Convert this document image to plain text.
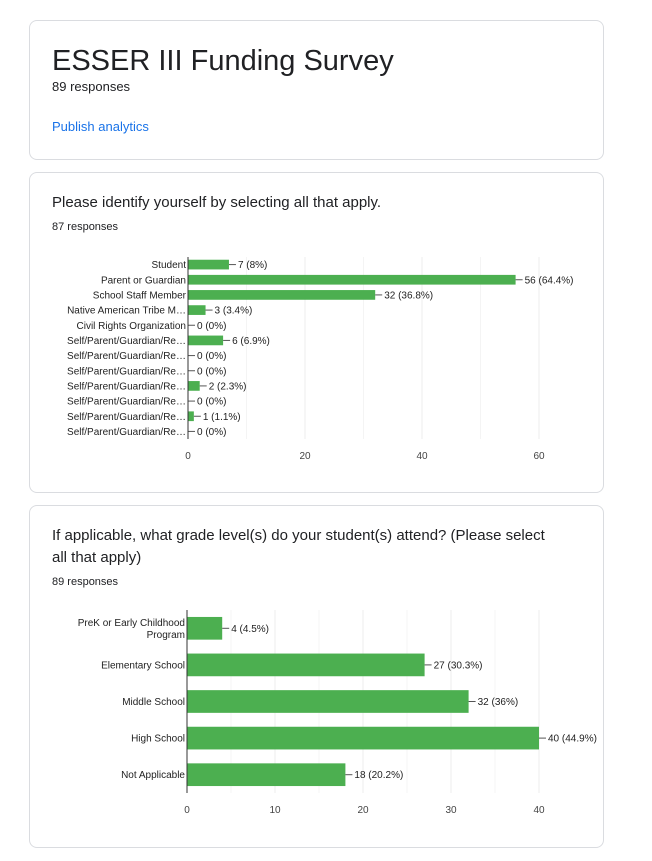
ESSER III Funding Survey
89 responses
Publish analytics
Please identify yourself by selecting all that apply.
87 responses
7 (8%)
Student
56 (64.4%)
Parent or Guardian
32 (36.8%)
School Staff Member
3 (3.4%)
Native American Tribe M…
0 (0%)
Civil Rights Organization
6 (6.9%)
Self/Parent/Guardian/Re…
0 (0%)
Self/Parent/Guardian/Re…
0 (0%)
Self/Parent/Guardian/Re…
2 (2.3%)
Self/Parent/Guardian/Re…
0 (0%)
Self/Parent/Guardian/Re…
1 (1.1%)
Self/Parent/Guardian/Re…
0 (0%)
Self/Parent/Guardian/Re…
0	20	40	60
If applicable, what grade level(s) do your student(s) attend? (Please select all that apply)
89 responses
4 (4.5%)
PreK or Early Childhood
Program
27 (30.3%)
Elementary School
32 (36%)
Middle School
40 (44.9%)
High School
18 (20.2%)
Not Applicable
0	10	20	30	40
